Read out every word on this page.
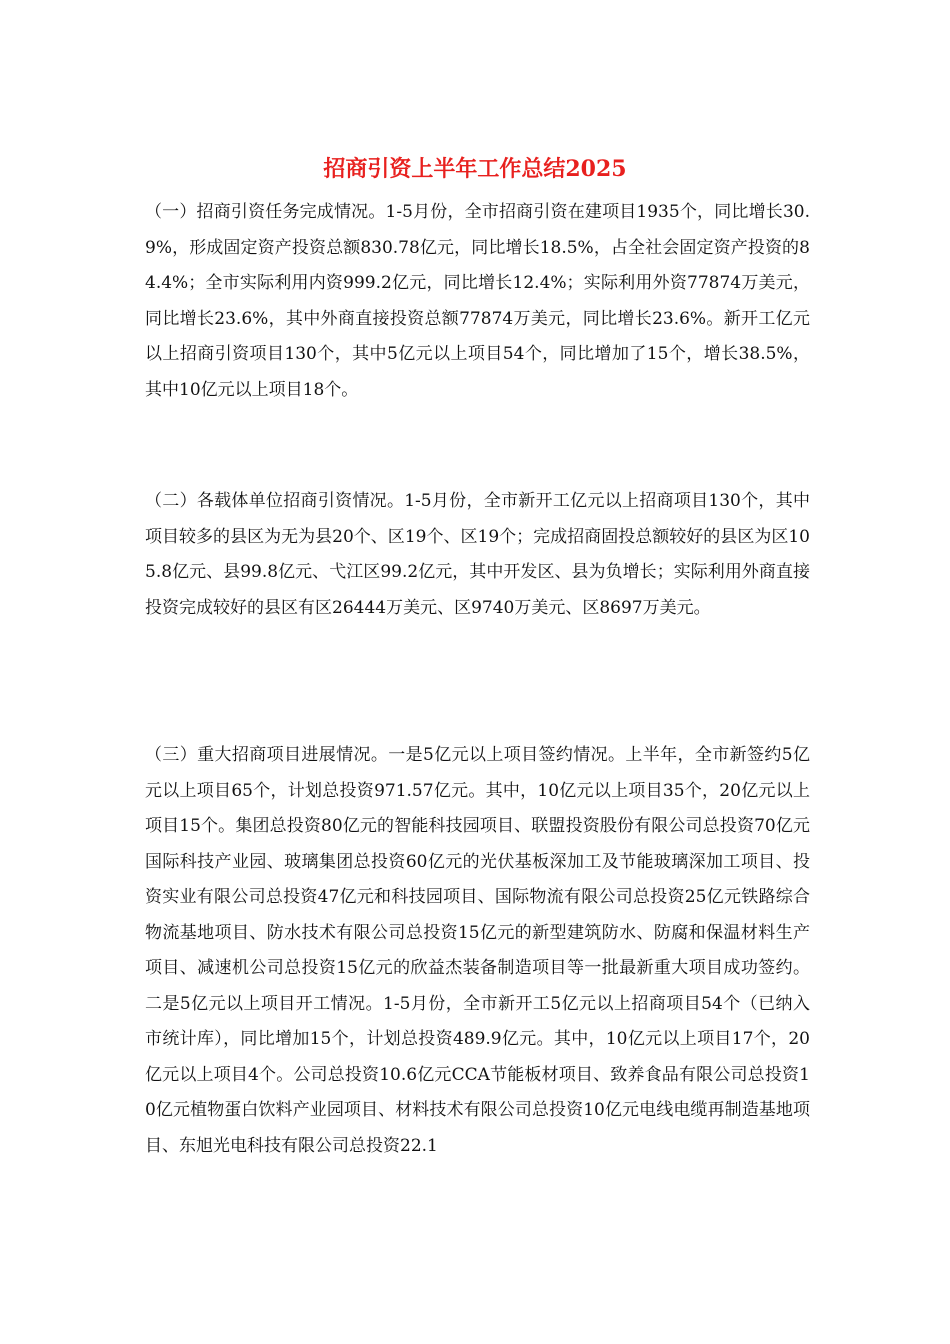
招商引资上半年工作总结2025

（一）招商引资任务完成情况。1-5月份，全市招商引资在建项目1935个，同比增长30.9%，形成固定资产投资总额830.78亿元，同比增长18.5%，占全社会固定资产投资的84.4%；全市实际利用内资999.2亿元，同比增长12.4%；实际利用外资77874万美元，同比增长23.6%，其中外商直接投资总额77874万美元，同比增长23.6%。新开工亿元以上招商引资项目130个，其中5亿元以上项目54个，同比增加了15个，增长38.5%，其中10亿元以上项目18个。

（二）各载体单位招商引资情况。1-5月份，全市新开工亿元以上招商项目130个，其中项目较多的县区为无为县20个、区19个、区19个；完成招商固投总额较好的县区为区105.8亿元、县99.8亿元、弋江区99.2亿元，其中开发区、县为负增长；实际利用外商直接投资完成较好的县区有区26444万美元、区9740万美元、区8697万美元。

（三）重大招商项目进展情况。一是5亿元以上项目签约情况。上半年，全市新签约5亿元以上项目65个，计划总投资971.57亿元。其中，10亿元以上项目35个，20亿元以上项目15个。集团总投资80亿元的智能科技园项目、联盟投资股份有限公司总投资70亿元国际科技产业园、玻璃集团总投资60亿元的光伏基板深加工及节能玻璃深加工项目、投资实业有限公司总投资47亿元和科技园项目、国际物流有限公司总投资25亿元铁路综合物流基地项目、防水技术有限公司总投资15亿元的新型建筑防水、防腐和保温材料生产项目、减速机公司总投资15亿元的欣益杰装备制造项目等一批最新重大项目成功签约。二是5亿元以上项目开工情况。1-5月份，全市新开工5亿元以上招商项目54个（已纳入市统计库），同比增加15个，计划总投资489.9亿元。其中，10亿元以上项目17个，20亿元以上项目4个。公司总投资10.6亿元CCA节能板材项目、致养食品有限公司总投资10亿元植物蛋白饮料产业园项目、材料技术有限公司总投资10亿元电线电缆再制造基地项目、东旭光电科技有限公司总投资22.1
